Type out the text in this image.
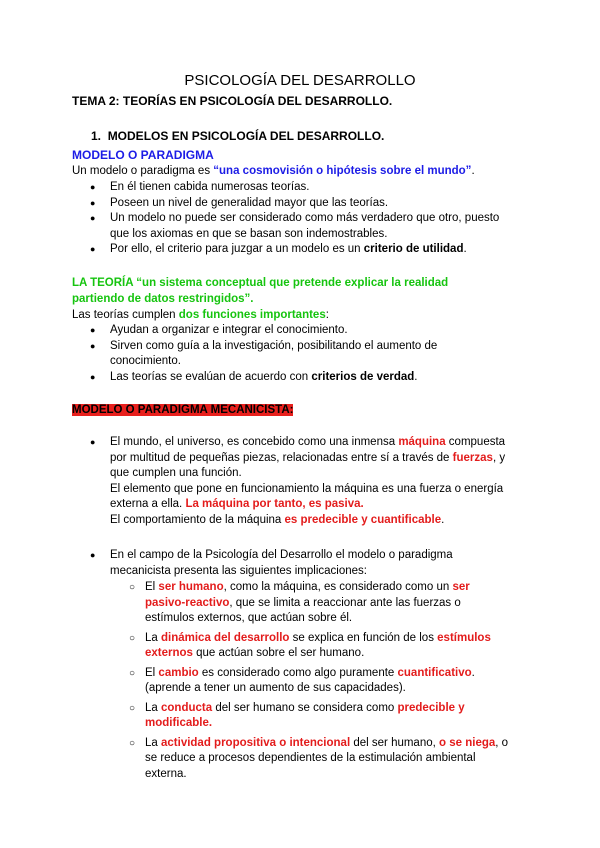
PSICOLOGÍA DEL DESARROLLO
TEMA 2: TEORÍAS EN PSICOLOGÍA DEL DESARROLLO.
1. MODELOS EN PSICOLOGÍA DEL DESARROLLO.
MODELO O PARADIGMA
Un modelo o paradigma es “una cosmovisión o hipótesis sobre el mundo”.
● En él tienen cabida numerosas teorías.
● Poseen un nivel de generalidad mayor que las teorías.
● Un modelo no puede ser considerado como más verdadero que otro, puesto
que los axiomas en que se basan son indemostrables.
● Por ello, el criterio para juzgar a un modelo es un criterio de utilidad.
LA TEORÍA “un sistema conceptual que pretende explicar la realidad
partiendo de datos restringidos”.
Las teorías cumplen dos funciones importantes:
● Ayudan a organizar e integrar el conocimiento.
● Sirven como guía a la investigación, posibilitando el aumento de
conocimiento.
● Las teorías se evalúan de acuerdo con criterios de verdad.
MODELO O PARADIGMA MECANICISTA:
● El mundo, el universo, es concebido como una inmensa máquina compuesta
por multitud de pequeñas piezas, relacionadas entre sí a través de fuerzas, y
que cumplen una función.
El elemento que pone en funcionamiento la máquina es una fuerza o energía
externa a ella. La máquina por tanto, es pasiva.
El comportamiento de la máquina es predecible y cuantificable.
● En el campo de la Psicología del Desarrollo el modelo o paradigma
mecanicista presenta las siguientes implicaciones:
○ El ser humano, como la máquina, es considerado como un ser
pasivo-reactivo, que se limita a reaccionar ante las fuerzas o
estímulos externos, que actúan sobre él.
○ La dinámica del desarrollo se explica en función de los estímulos
externos que actúan sobre el ser humano.
○ El cambio es considerado como algo puramente cuantificativo.
(aprende a tener un aumento de sus capacidades).
○ La conducta del ser humano se considera como predecible y
modificable.
○ La actividad propositiva o intencional del ser humano, o se niega, o
se reduce a procesos dependientes de la estimulación ambiental
externa.
